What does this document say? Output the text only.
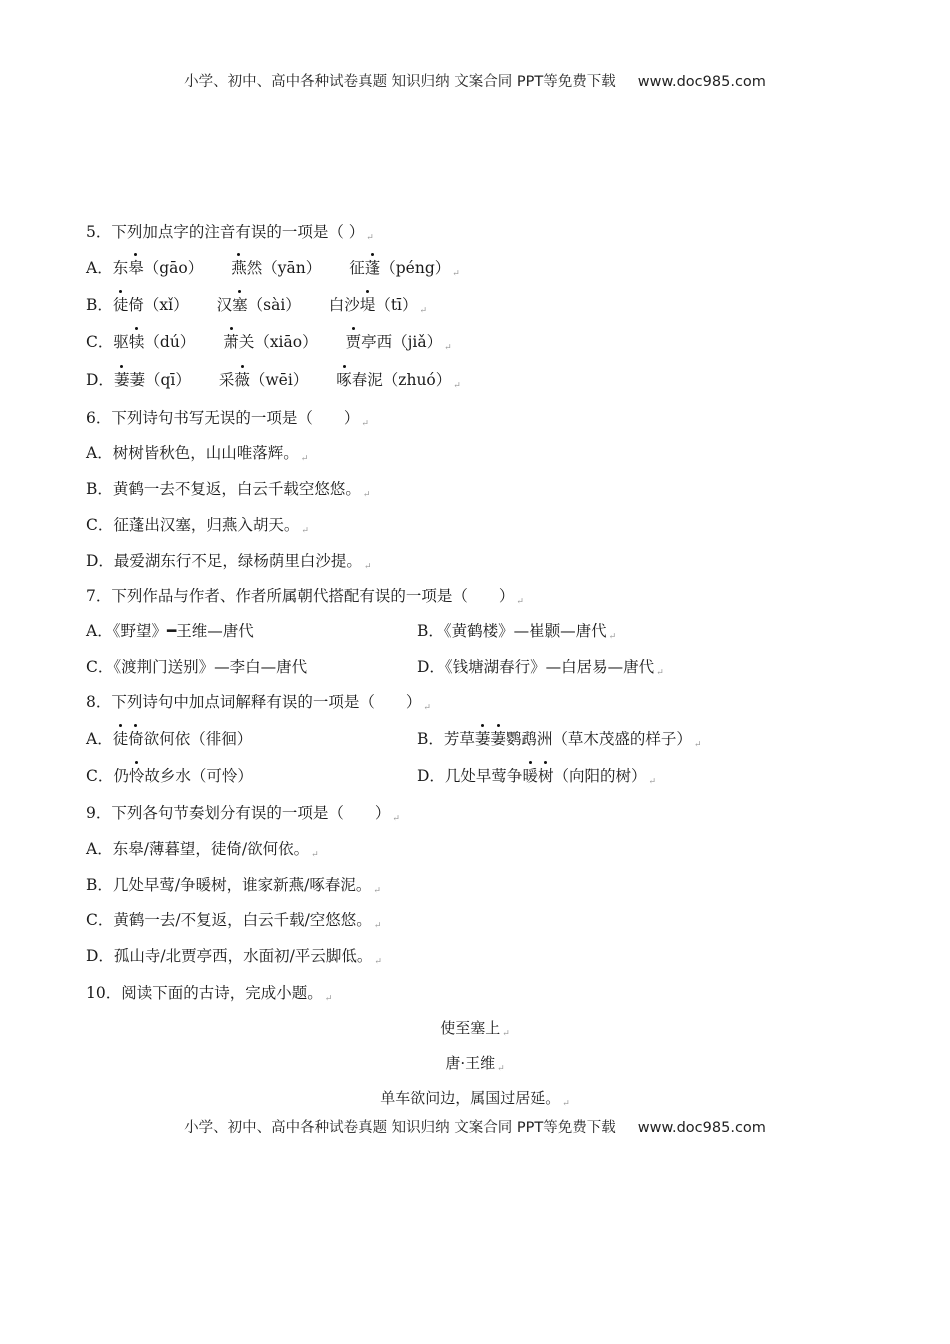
小学、初中、高中各种试卷真题 知识归纳 文案合同 PPT等免费下载 www.doc985.com
5．下列加点字的注音有误的一项是（ ） ↵
A．东皋（gāo） 燕然（yān） 征蓬（péng） ↵
B．徒倚（xǐ） 汉塞（sài） 白沙堤（tī） ↵
C．驱犊（dú） 萧关（xiāo） 贾亭西（jiǎ） ↵
D．萋萋（qī） 采薇（wēi） 啄春泥（zhuó） ↵
6．下列诗句书写无误的一项是（　　） ↵
A．树树皆秋色，山山唯落辉。 ↵
B．黄鹤一去不复返，白云千载空悠悠。 ↵
C．征蓬出汉塞，归燕入胡天。 ↵
D．最爱湖东行不足，绿杨荫里白沙提。 ↵
7．下列作品与作者、作者所属朝代搭配有误的一项是（　　） ↵
A．《野望》━王维—唐代	B．《黄鹤楼》—崔颢—唐代 ↵
C．《渡荆门送别》—李白—唐代	D．《钱塘湖春行》—白居易—唐代 ↵
8．下列诗句中加点词解释有误的一项是（　　） ↵
A．徒倚欲何依（徘徊）	B．芳草萋萋鹦鹉洲（草木茂盛的样子） ↵
C．仍怜故乡水（可怜）	D．几处早莺争暖树（向阳的树） ↵
9．下列各句节奏划分有误的一项是（　　） ↵
A．东皋/薄暮望，徒倚/欲何依。 ↵
B．几处早莺/争暖树，谁家新燕/啄春泥。 ↵
C．黄鹤一去/不复返，白云千载/空悠悠。 ↵
D．孤山寺/北贾亭西，水面初/平云脚低。 ↵
10．阅读下面的古诗，完成小题。 ↵
使至塞上 $_↵$
唐·王维 $_↵$
单车欲问边，属国过居延。 $_↵$
小学、初中、高中各种试卷真题 知识归纳 文案合同 PPT等免费下载 www.doc985.com
